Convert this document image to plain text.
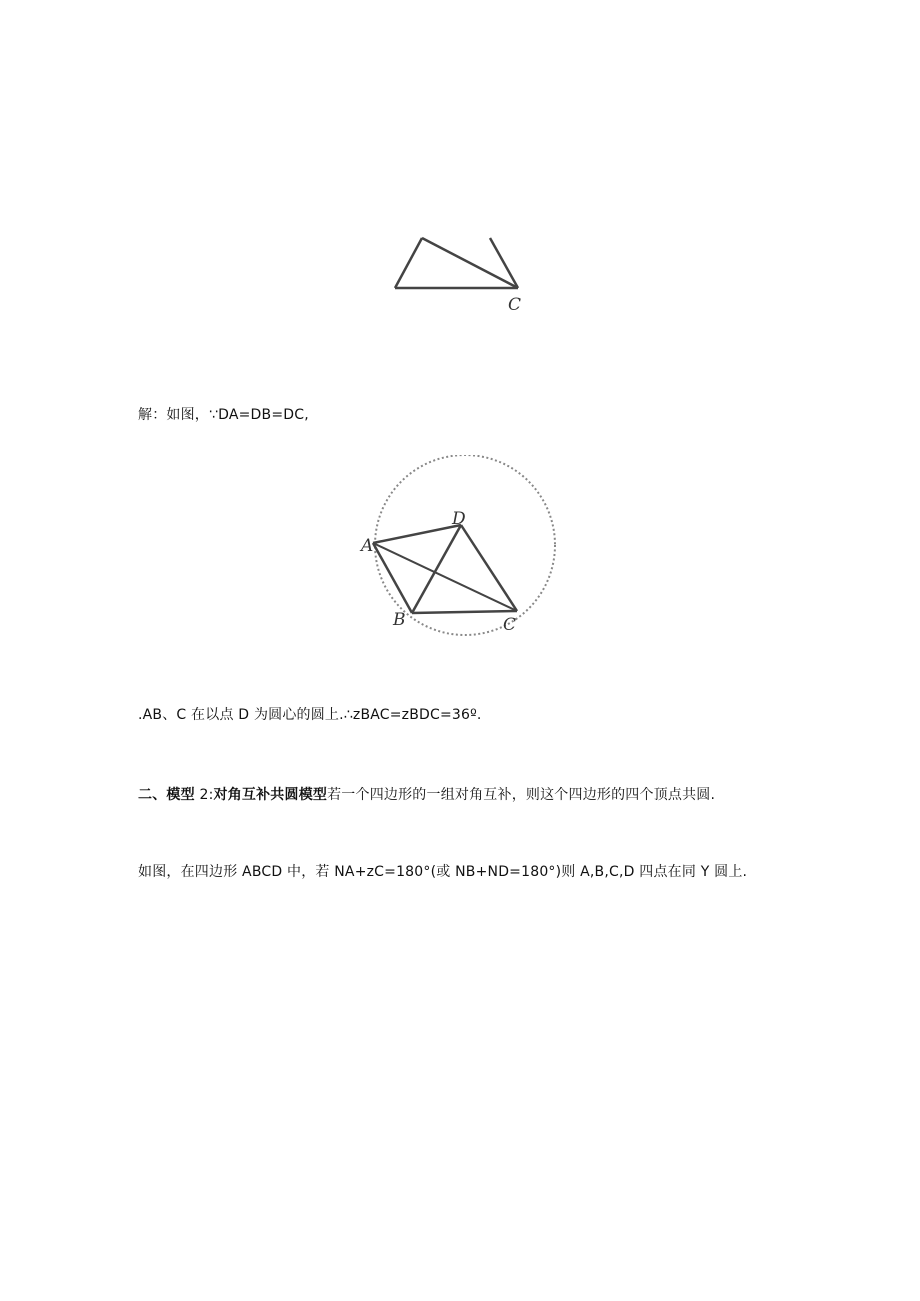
C
解：如图，∵DA=DB=DC,
A
D
B	C
.AB、C 在以点 D 为圆心的圆上.∴zBAC=zBDC=36º.
二、模型 2:对角互补共圆模型若一个四边形的一组对角互补，则这个四边形的四个顶点共圆.
如图，在四边形 ABCD 中，若 NA+zC=180°(或 NB+ND=180°)则 A,B,C,D 四点在同 Y 圆上.
